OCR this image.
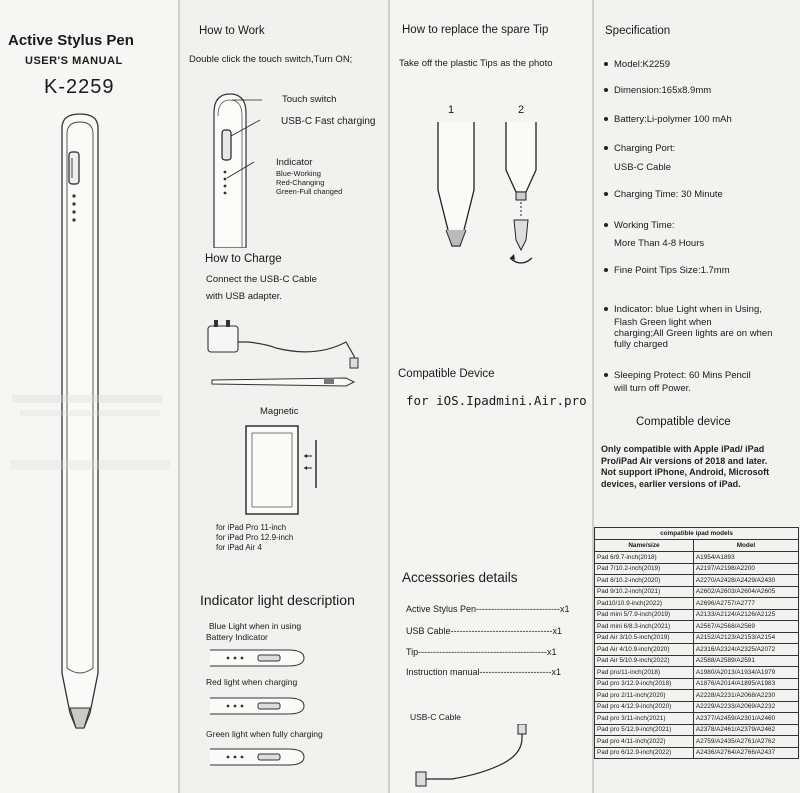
Active Stylus Pen
USER'S MANUAL
K-2259
How to Work
Double click the touch switch,Turn ON;
Touch switch
USB-C Fast charging
Indicator
Blue-Working
Red-Changing
Green-Full changed
How to Charge
Connect the USB-C Cable
with USB adapter.
Magnetic
for iPad Pro 11-inch
for iPad Pro 12.9-inch
for iPad Air 4
Indicator light description
Blue Light when in using
Battery Indicator
Red light when charging
Green light when fully charging
How to replace the spare Tip
Take off the plastic Tips as the photo
1	2
Compatible Device
for iOS.Ipadmini.Air.pro
Accessories details
Active Stylus Pen----------------------------x1
USB Cable----------------------------------x1
Tip-------------------------------------------x1
Instruction manual------------------------x1
USB-C Cable
Specification
Model:K2259
Dimension:165x8.9mm
Battery:Li-polymer 100 mAh
Charging Port:
USB-C Cable
Charging Time: 30 Minute
Working Time:
More Than 4-8 Hours
Fine Point Tips Size:1.7mm
Indicator: blue Light when in Using,
Flash Green light when
charging;All Green lights are on when
fully charged
Sleeping Protect: 60 Mins Pencil
will turn off Power.
Compatible device
Only compatible with Apple iPad/ iPad
Pro/iPad Air versions of 2018 and later.
Not support iPhone, Android, Microsoft
devices, earlier versions of iPad.
compatible ipad models	
Name/size	Model
Pad 6/9.7-inch(2018)	A1954/A1893
Pad 7/10.2-inch(2019)	A2197/A2198/A2200
Pad 8/10.2-inch(2020)	A2270/A2428/A2429/A2430
Pad 9/10.2-inch(2021)	A2602/A2603/A2604/A2605
Pad10/10.9-inch(2022)	A2696/A2757/A2777
Pad mini 5/7.9-inch(2019)	A2133/A2124/A2126/A2125
Pad mini 6/8.3-inch(2021)	A2567/A2568/A2569
Pad Air 3/10.5-inch(2019)	A2152/A2123/A2153/A2154
Pad Air 4/10.9-inch(2020)	A2316/A2324/A2325/A2072
Pad Air 5/10.9-inch(2022)	A2588/A2589/A2591
Pad pro/11-inch(2018)	A1980/A2013/A1934/A1979
Pad pro 3/12.9-inch(2018)	A1876/A2014/A1895/A1983
Pad pro 2/11-inch(2020)	A2228/A2231/A2068/A2230
Pad pro 4/12.9-inch(2020)	A2229/A2233/A2069/A2232
Pad pro 3/11-inch(2021)	A2377/A2459/A2301/A2460
Pad pro 5/12.9-inch(2021)	A2378/A2461/A2379/A2462
Pad pro 4/11-inch(2022)	A2759/A2435/A2761/A2762
Pad pro 6/12.9-inch(2022)	A2436/A2764/A2766/A2437
